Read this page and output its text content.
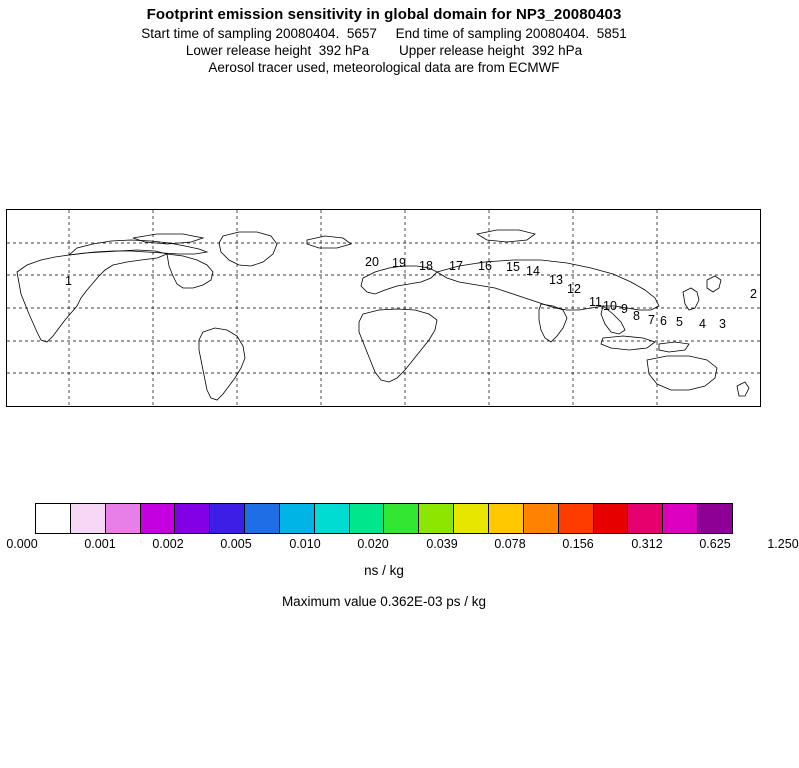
Footprint emission sensitivity in global domain for NP3_20080403
Start time of sampling 20080404.  5657     End time of sampling 20080404.  5851
Lower release height  392 hPa        Upper release height  392 hPa
Aerosol tracer used, meteorological data are from ECMWF
1
20 19 18 17 16 15 14
13
12
11 10 9 8 7 6 5 4 3
2
0.000	0.001	0.002	0.005	0.010	0.020	0.039	0.078	0.156	0.312	0.625	1.250
ns / kg
Maximum value 0.362E-03 ps / kg
